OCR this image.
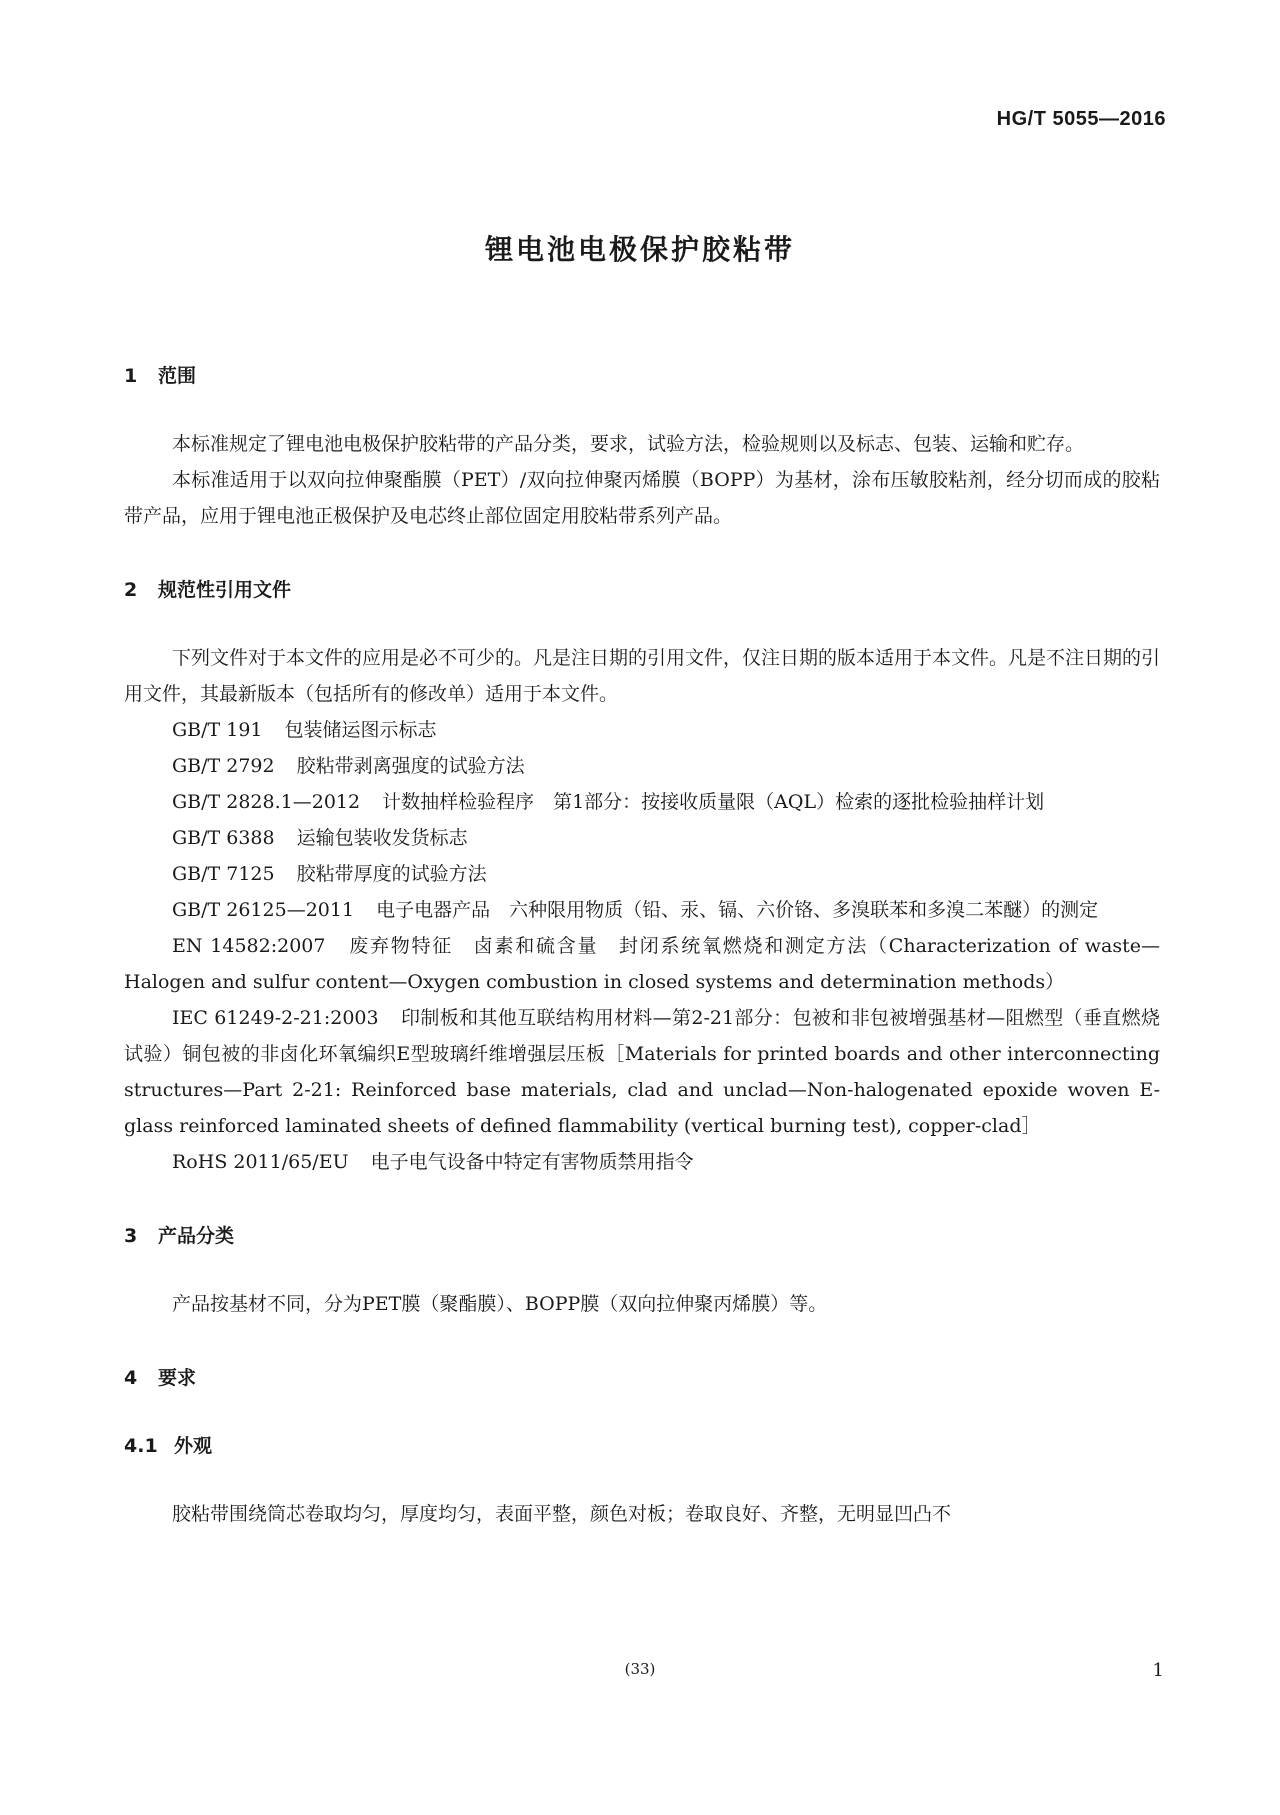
HG/T 5055—2016
锂电池电极保护胶粘带
1 范围

本标准规定了锂电池电极保护胶粘带的产品分类，要求，试验方法，检验规则以及标志、包装、运输和贮存。

本标准适用于以双向拉伸聚酯膜（PET）/双向拉伸聚丙烯膜（BOPP）为基材，涂布压敏胶粘剂，经分切而成的胶粘带产品，应用于锂电池正极保护及电芯终止部位固定用胶粘带系列产品。

2 规范性引用文件

下列文件对于本文件的应用是必不可少的。凡是注日期的引用文件，仅注日期的版本适用于本文件。凡是不注日期的引用文件，其最新版本（包括所有的修改单）适用于本文件。

GB/T 191 包装储运图示标志

GB/T 2792 胶粘带剥离强度的试验方法

GB/T 2828.1—2012 计数抽样检验程序　第1部分：按接收质量限（AQL）检索的逐批检验抽样计划

GB/T 6388 运输包装收发货标志

GB/T 7125 胶粘带厚度的试验方法

GB/T 26125—2011 电子电器产品　六种限用物质（铅、汞、镉、六价铬、多溴联苯和多溴二苯醚）的测定

EN 14582:2007 废弃物特征　卤素和硫含量　封闭系统氧燃烧和测定方法（Characterization of waste—Halogen and sulfur content—Oxygen combustion in closed systems and determination methods）

IEC 61249-2-21:2003 印制板和其他互联结构用材料—第2-21部分：包被和非包被增强基材—阻燃型（垂直燃烧试验）铜包被的非卤化环氧编织E型玻璃纤维增强层压板［Materials for printed boards and other interconnecting structures—Part 2-21: Reinforced base materials, clad and unclad—Non-halogenated epoxide woven E-glass reinforced laminated sheets of defined flammability (vertical burning test), copper-clad］

RoHS 2011/65/EU 电子电气设备中特定有害物质禁用指令

3 产品分类

产品按基材不同，分为PET膜（聚酯膜）、BOPP膜（双向拉伸聚丙烯膜）等。

4 要求
4.1 外观

胶粘带围绕筒芯卷取均匀，厚度均匀，表面平整，颜色对板；卷取良好、齐整，无明显凹凸不

(33)	1
